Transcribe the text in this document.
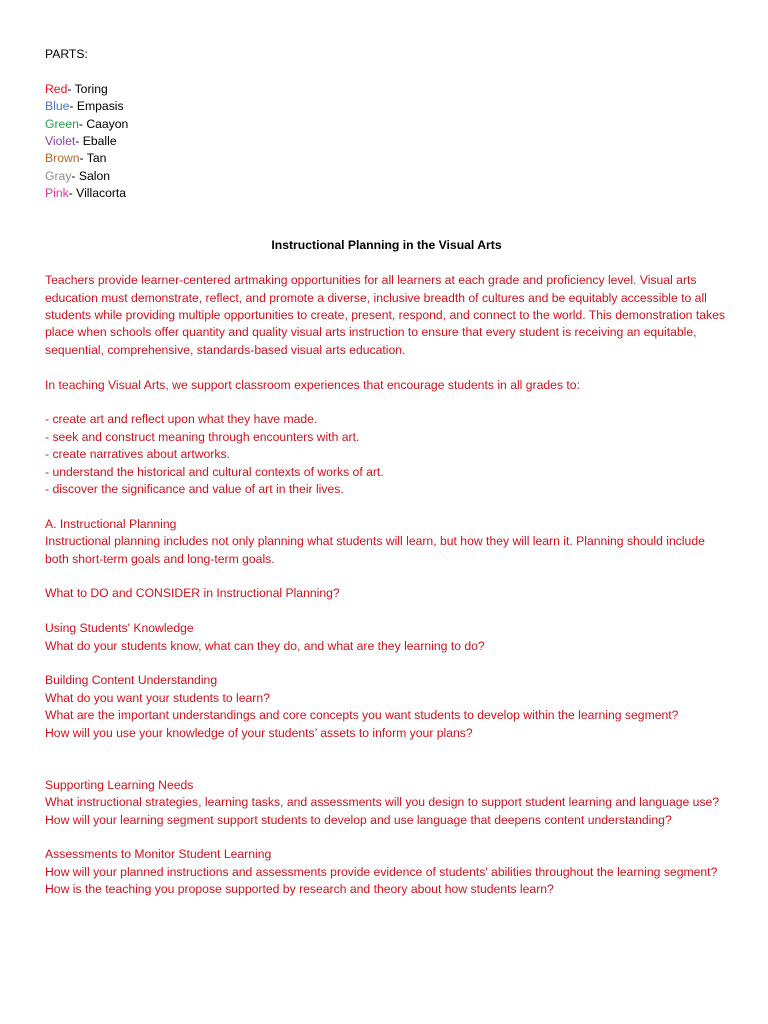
PARTS:

Red- Toring
Blue- Empasis
Green- Caayon
Violet- Eballe
Brown- Tan
Gray- Salon
Pink- Villacorta

Instructional Planning in the Visual Arts

Teachers provide learner-centered artmaking opportunities for all learners at each grade and proficiency level. Visual arts education must demonstrate, reflect, and promote a diverse, inclusive breadth of cultures and be equitably accessible to all students while providing multiple opportunities to create, present, respond, and connect to the world. This demonstration takes place when schools offer quantity and quality visual arts instruction to ensure that every student is receiving an equitable, sequential, comprehensive, standards-based visual arts education.

In teaching Visual Arts, we support classroom experiences that encourage students in all grades to:

- create art and reflect upon what they have made.
- seek and construct meaning through encounters with art.
- create narratives about artworks.
- understand the historical and cultural contexts of works of art.
- discover the significance and value of art in their lives.
A. Instructional Planning

Instructional planning includes not only planning what students will learn, but how they will learn it. Planning should include both short-term goals and long-term goals.

What to DO and CONSIDER in Instructional Planning?

Using Students' Knowledge
What do your students know, what can they do, and what are they learning to do?
Building Content Understanding
What do you want your students to learn?
What are the important understandings and core concepts you want students to develop within the learning segment?
How will you use your knowledge of your students’ assets to inform your plans?
Supporting Learning Needs
What instructional strategies, learning tasks, and assessments will you design to support student learning and language use?
How will your learning segment support students to develop and use language that deepens content understanding?
Assessments to Monitor Student Learning
How will your planned instructions and assessments provide evidence of students' abilities throughout the learning segment?
How is the teaching you propose supported by research and theory about how students learn?
